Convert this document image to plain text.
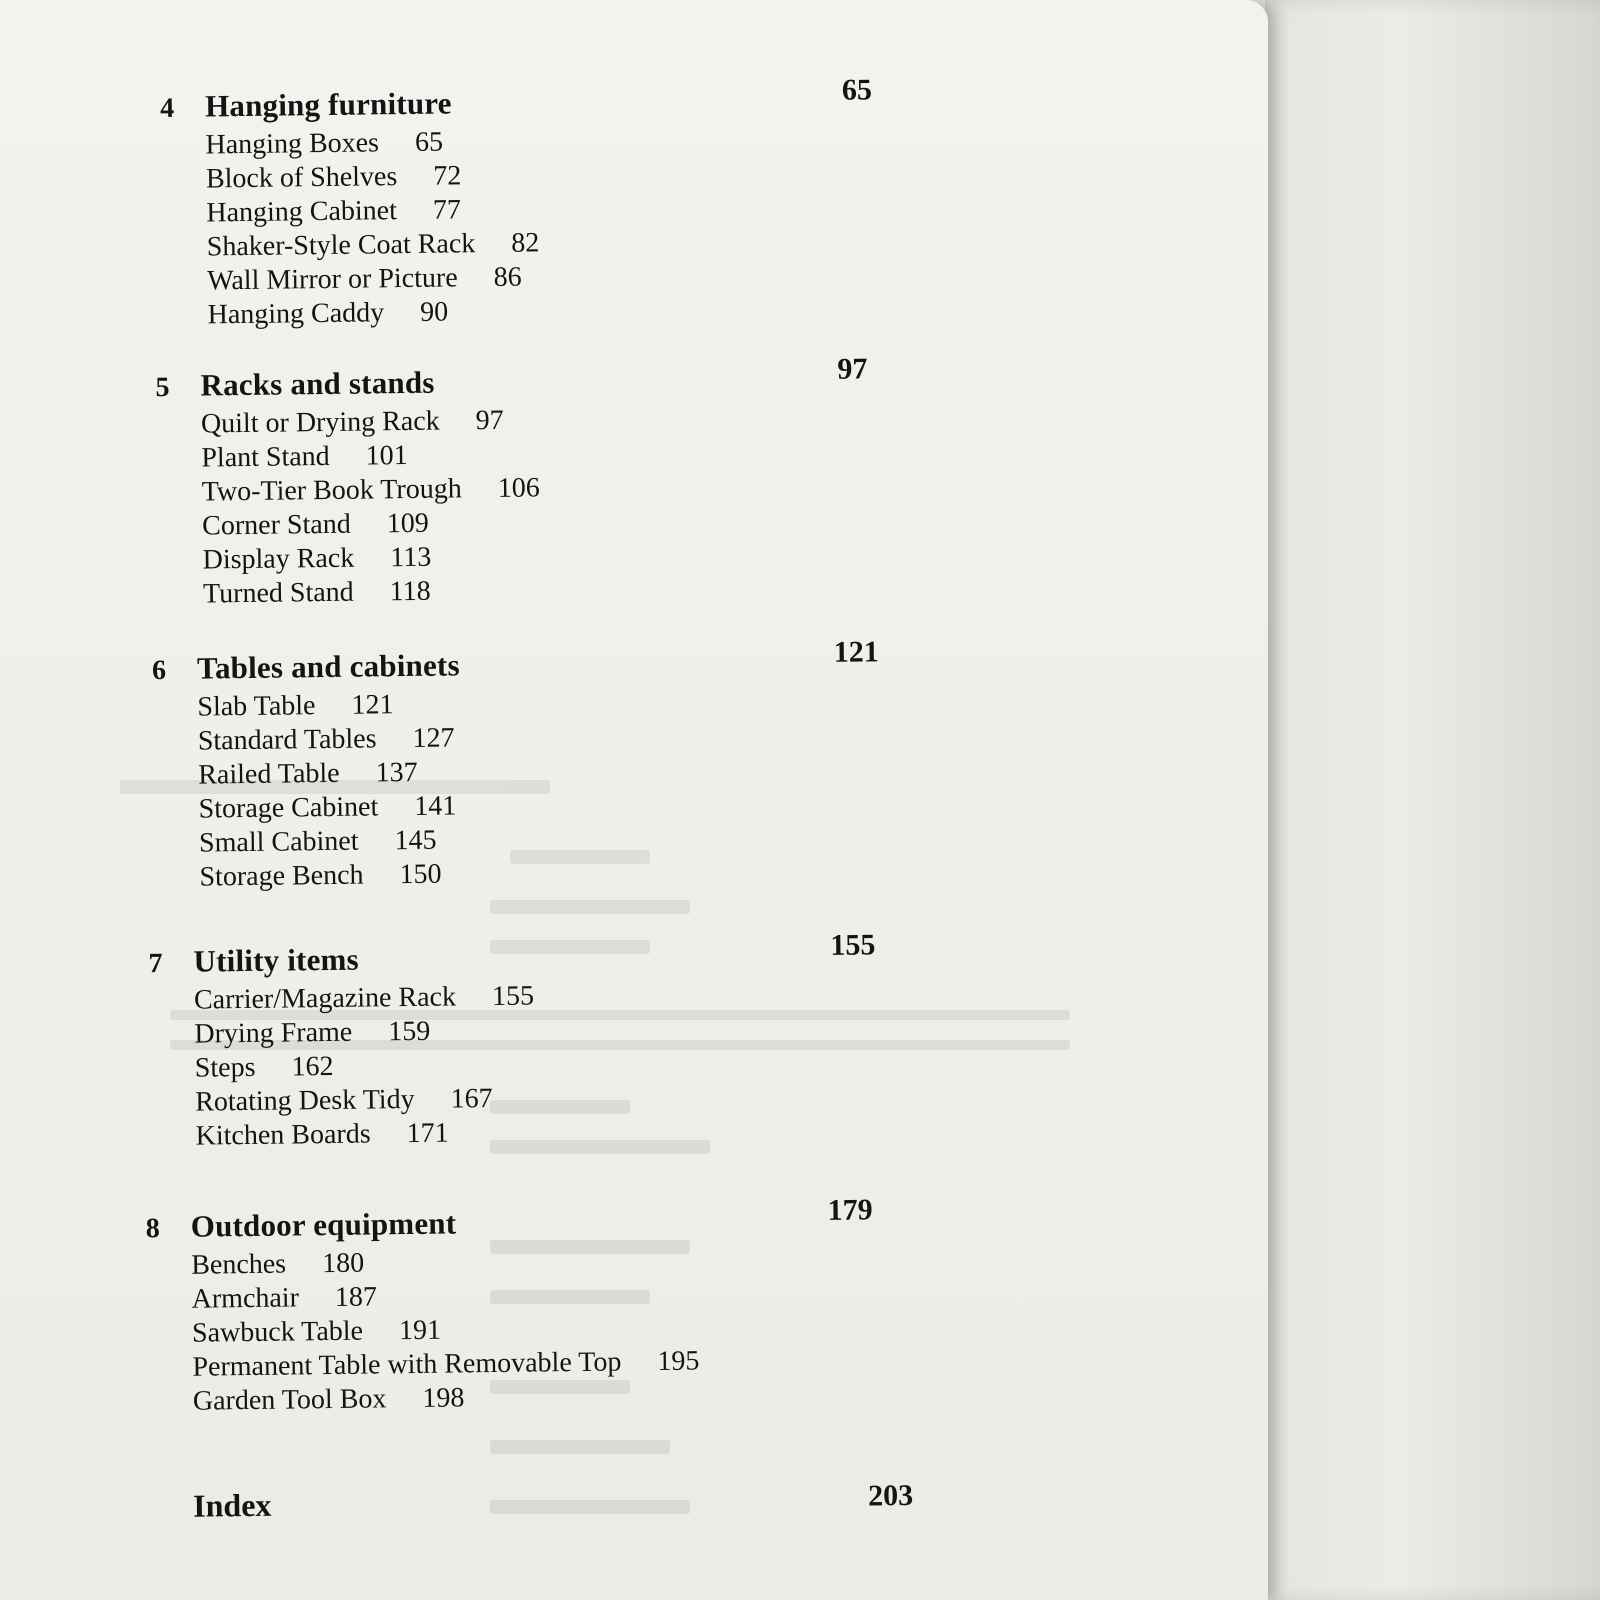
4 Hanging furniture	65
Hanging Boxes 65
Block of Shelves 72
Hanging Cabinet 77
Shaker-Style Coat Rack 82
Wall Mirror or Picture 86
Hanging Caddy 90
5 Racks and stands	97
Quilt or Drying Rack 97
Plant Stand 101
Two-Tier Book Trough 106
Corner Stand 109
Display Rack 113
Turned Stand 118
6 Tables and cabinets	121
Slab Table 121
Standard Tables 127
Railed Table 137
Storage Cabinet 141
Small Cabinet 145
Storage Bench 150
7 Utility items	155
Carrier/Magazine Rack 155
Drying Frame 159
Steps 162
Rotating Desk Tidy 167
Kitchen Boards 171
8 Outdoor equipment	179
Benches 180
Armchair 187
Sawbuck Table 191
Permanent Table with Removable Top 195
Garden Tool Box 198
Index	203
